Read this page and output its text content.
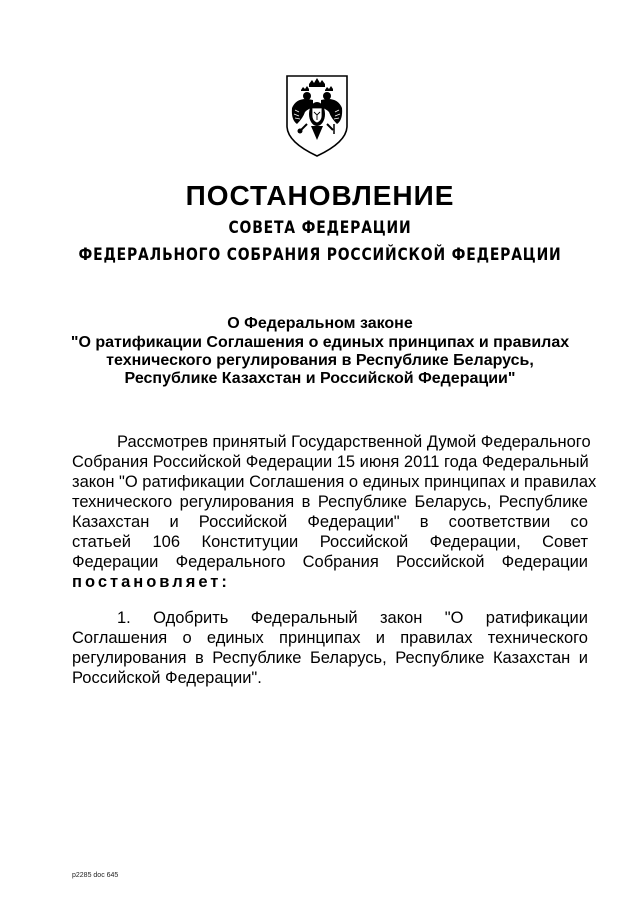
ПОСТАНОВЛЕНИЕ
СОВЕТА ФЕДЕРАЦИИ
ФЕДЕРАЛЬНОГО СОБРАНИЯ РОССИЙСКОЙ ФЕДЕРАЦИИ
О Федеральном законе
"О ратификации Соглашения о единых принципах и правилах
технического регулирования в Республике Беларусь,
Республике Казахстан и Российской Федерации"
Рассмотрев принятый Государственной Думой Федерального
Собрания Российской Федерации 15 июня 2011 года Федеральный
закон "О ратификации Соглашения о единых принципах и правилах
технического регулирования в Республике Беларусь, Республике
Казахстан и Российской Федерации" в соответствии со
статьей 106 Конституции Российской Федерации, Совет
Федерации Федерального Собрания Российской Федерации
постановляет:
1. Одобрить Федеральный закон "О ратификации
Соглашения о единых принципах и правилах технического
регулирования в Республике Беларусь, Республике Казахстан и
Российской Федерации".
p2285 doc 645
